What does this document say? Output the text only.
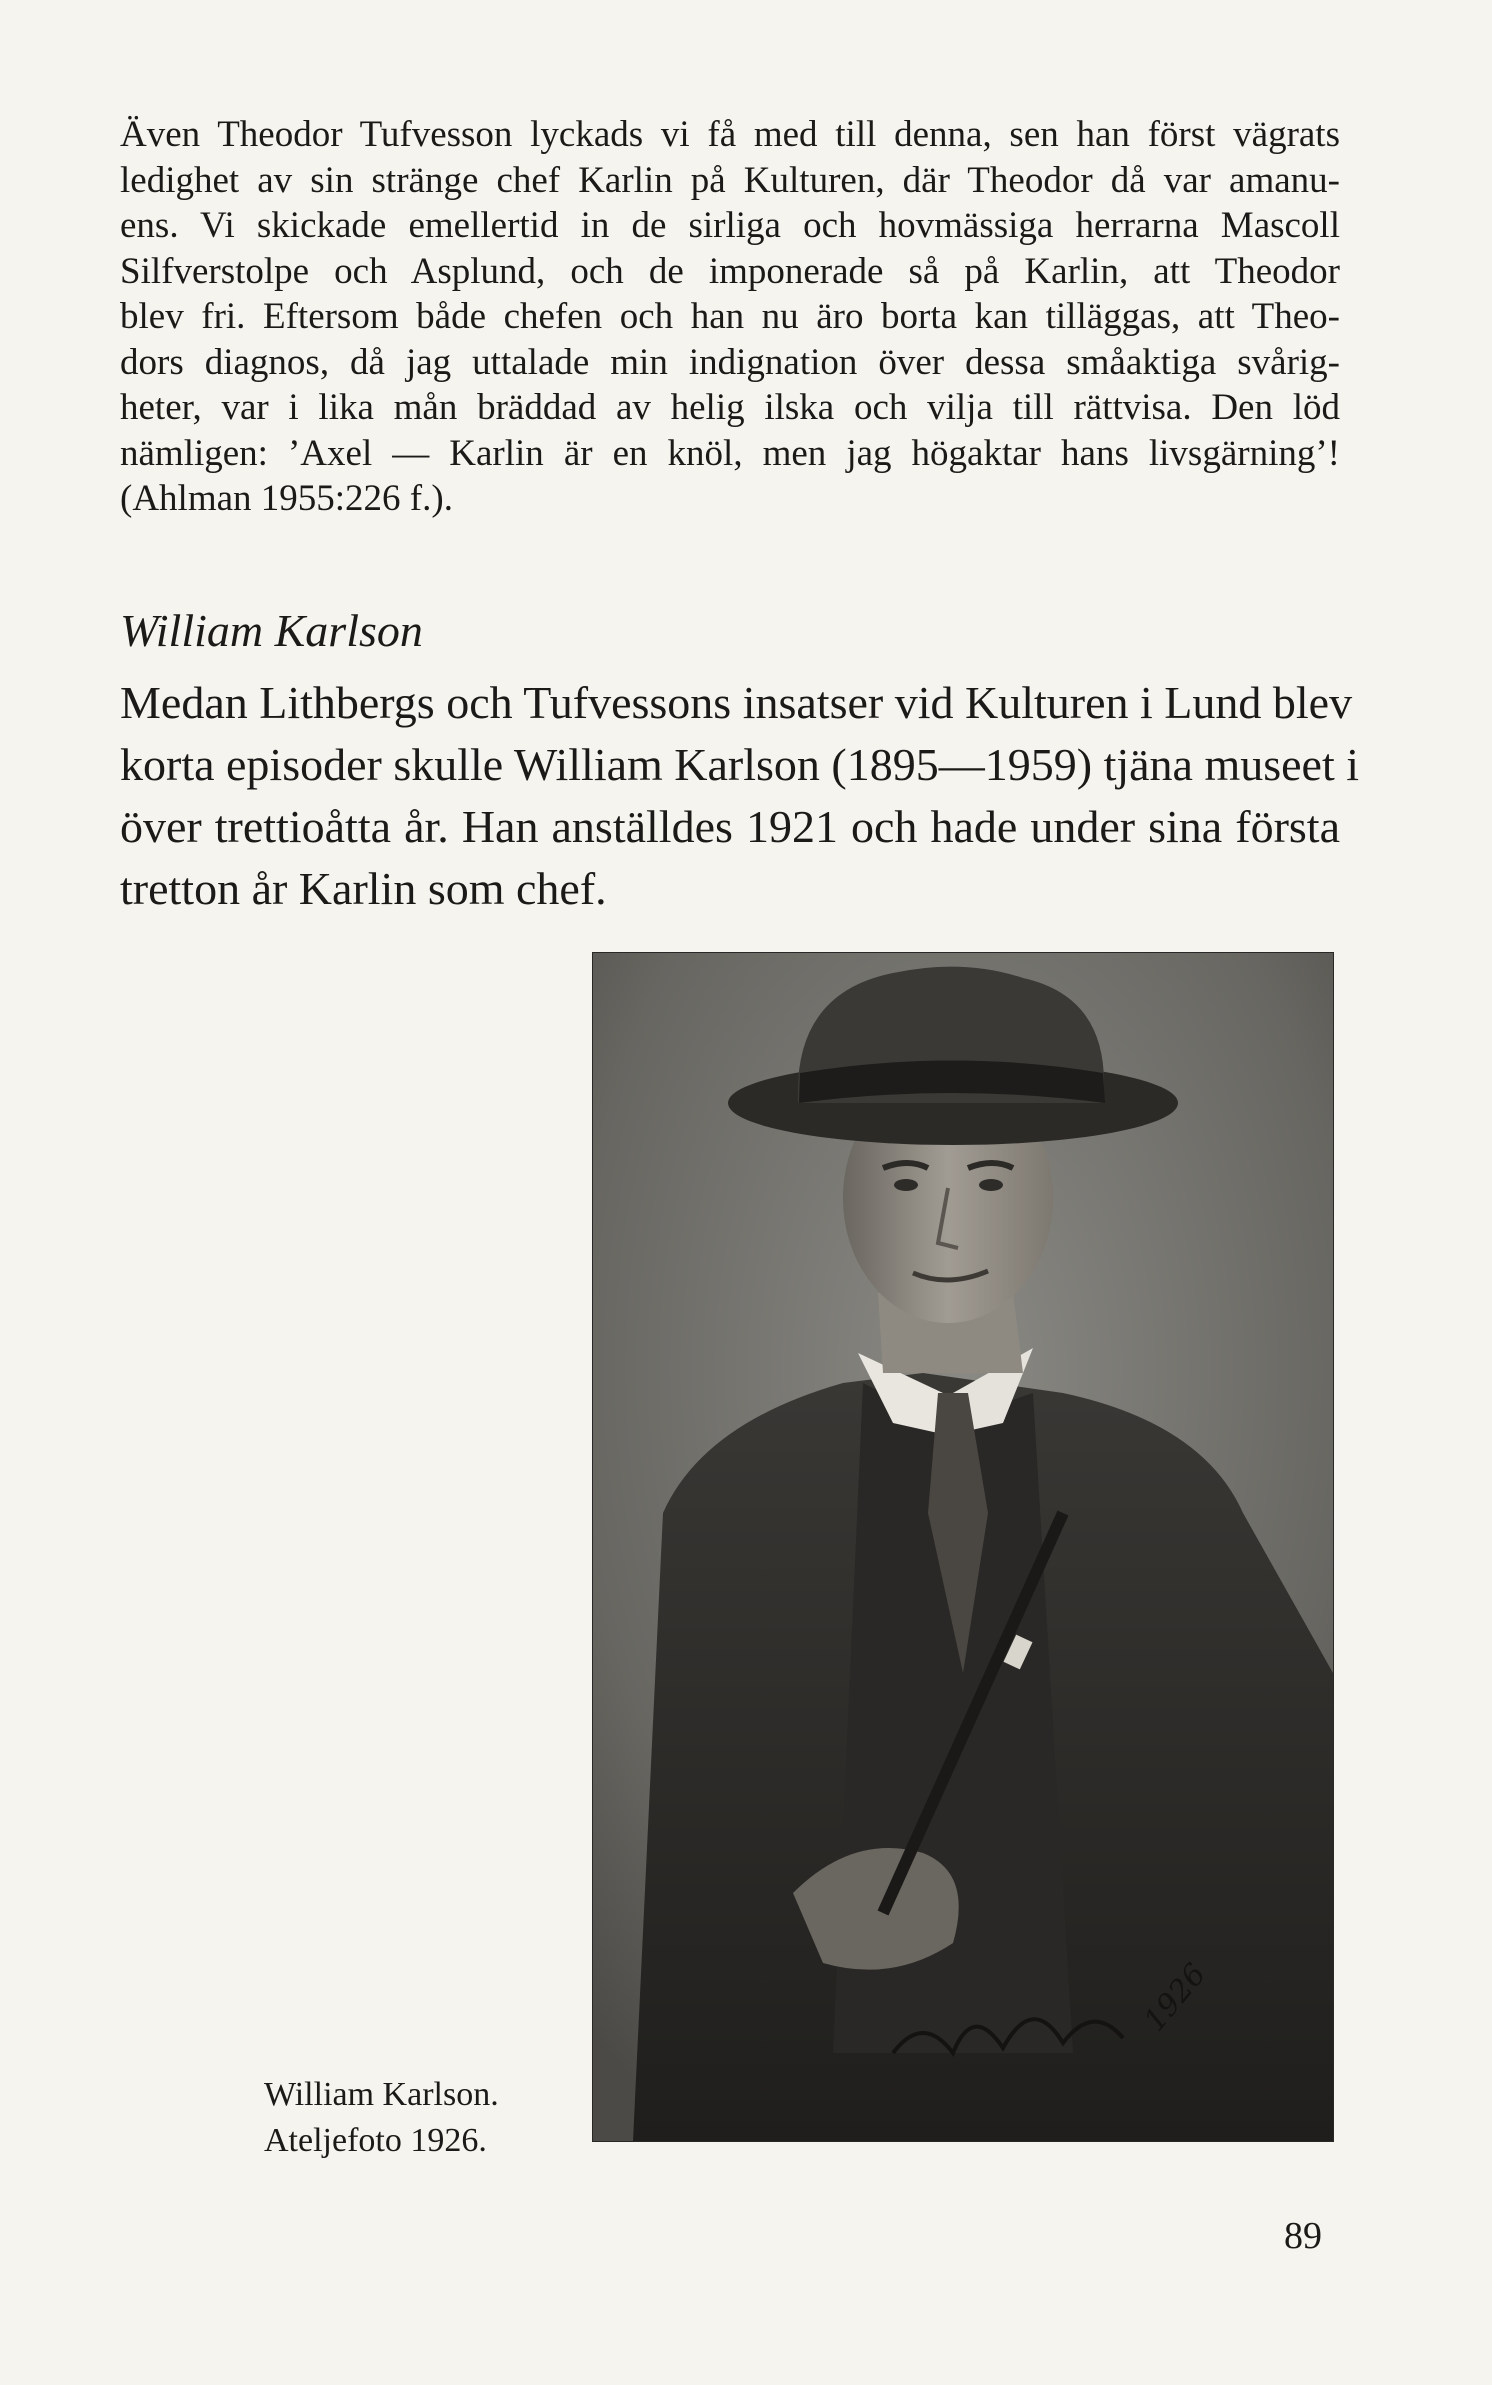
Även Theodor Tufvesson lyckads vi få med till denna, sen han först vägrats
ledighet av sin stränge chef Karlin på Kulturen, där Theodor då var amanu-
ens. Vi skickade emellertid in de sirliga och hovmässiga herrarna Mascoll
Silfverstolpe och Asplund, och de imponerade så på Karlin, att Theodor
blev fri. Eftersom både chefen och han nu äro borta kan tilläggas, att Theo-
dors diagnos, då jag uttalade min indignation över dessa småaktiga svårig-
heter, var i lika mån bräddad av helig ilska och vilja till rättvisa. Den löd
nämligen: ’Axel — Karlin är en knöl, men jag högaktar hans livsgärning’!
(Ahlman 1955:226 f.).
William Karlson
Medan Lithbergs och Tufvessons insatser vid Kulturen i Lund blev
korta episoder skulle William Karlson (1895—1959) tjäna museet i
över trettioåtta år. Han anställdes 1921 och hade under sina första
tretton år Karlin som chef.
1926
William Karlson.
Ateljefoto 1926.
89
